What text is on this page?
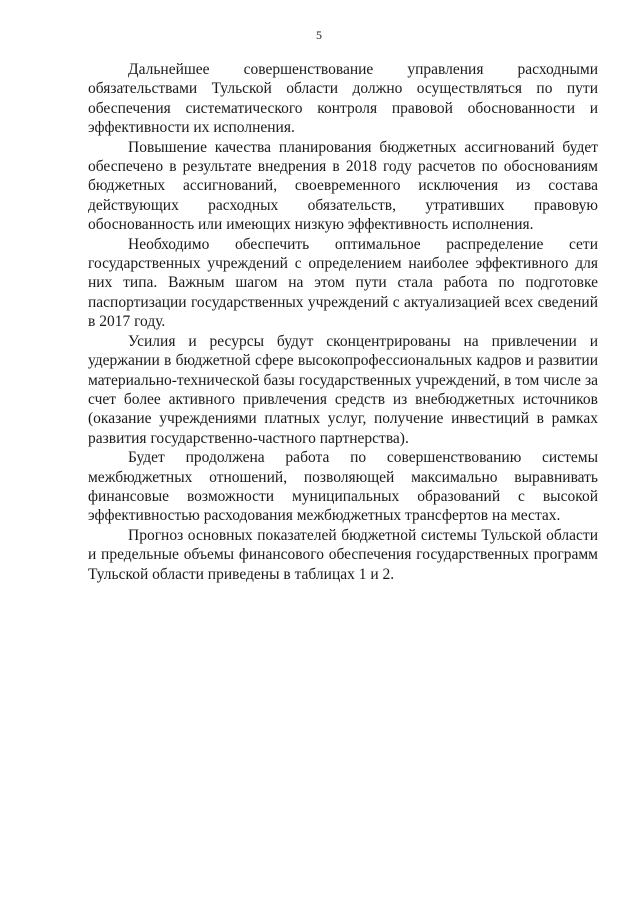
5

Дальнейшее совершенствование управления расходными обязательствами Тульской области должно осуществляться по пути обеспечения систематического контроля правовой обоснованности и эффективности их исполнения.

Повышение качества планирования бюджетных ассигнований будет обеспечено в результате внедрения в 2018 году расчетов по обоснованиям бюджетных ассигнований, своевременного исключения из состава действующих расходных обязательств, утративших правовую обоснованность или имеющих низкую эффективность исполнения.

Необходимо обеспечить оптимальное распределение сети государственных учреждений с определением наиболее эффективного для них типа. Важным шагом на этом пути стала работа по подготовке паспортизации государственных учреждений с актуализацией всех сведений в 2017 году.

Усилия и ресурсы будут сконцентрированы на привлечении и удержании в бюджетной сфере высокопрофессиональных кадров и развитии материально-технической базы государственных учреждений, в том числе за счет более активного привлечения средств из внебюджетных источников (оказание учреждениями платных услуг, получение инвестиций в рамках развития государственно-частного партнерства).

Будет продолжена работа по совершенствованию системы межбюджетных отношений, позволяющей максимально выравнивать финансовые возможности муниципальных образований с высокой эффективностью расходования межбюджетных трансфертов на местах.

Прогноз основных показателей бюджетной системы Тульской области и предельные объемы финансового обеспечения государственных программ Тульской области приведены в таблицах 1 и 2.
